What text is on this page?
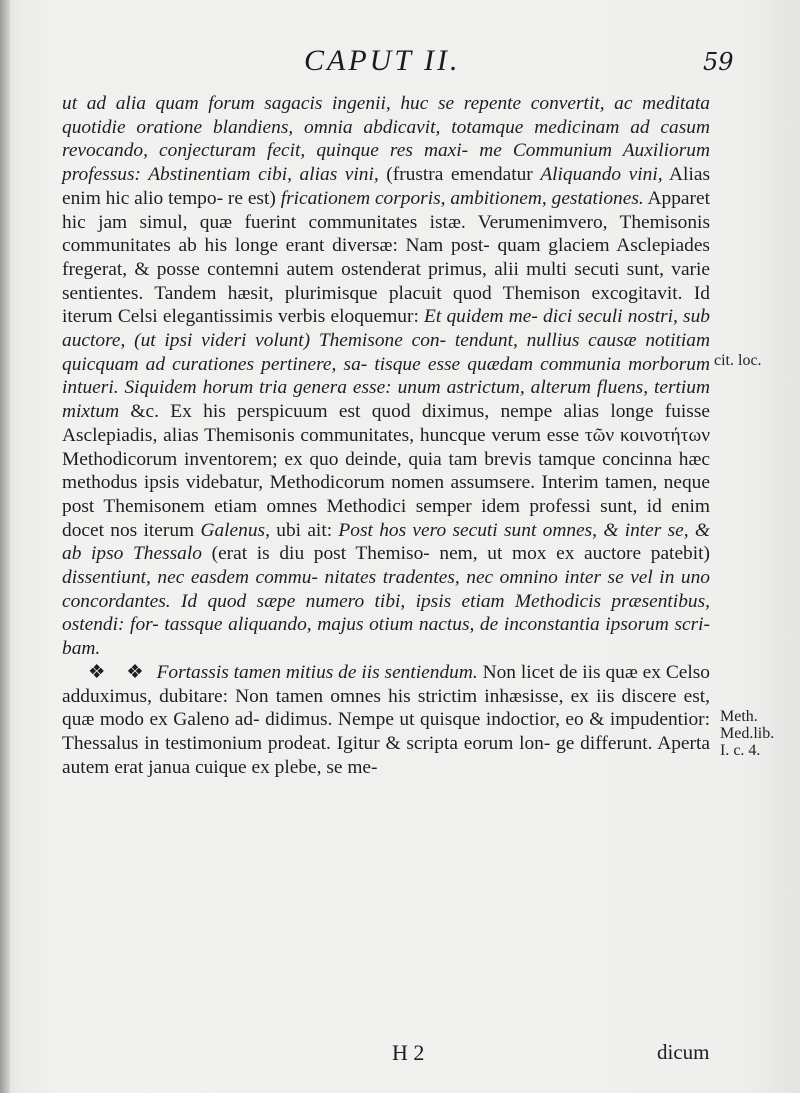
CAPUT II.	59

ut ad alia quam forum sagacis ingenii, huc se repente convertit, ac meditata quotidie oratione blandiens, omnia abdicavit, totamque medicinam ad casum revocando, conjecturam fecit, quinque res maxi- me Communium Auxiliorum professus: Abstinentiam cibi, alias vini, (frustra emendatur Aliquando vini, Alias enim hic alio tempo- re est) fricationem corporis, ambitionem, gestationes. Apparet hic jam simul, quæ fuerint communitates istæ. Verumenimvero, Themisonis communitates ab his longe erant diversæ: Nam post- quam glaciem Asclepiades fregerat, & posse contemni autem ostenderat primus, alii multi secuti sunt, varie sentientes. Tandem hæsit, plurimisque placuit quod Themison excogitavit. Id iterum Celsi elegantissimis verbis eloquemur: Et quidem me- dici seculi nostri, sub auctore, (ut ipsi videri volunt) Themisone con- tendunt, nullius causæ notitiam quicquam ad curationes pertinere, sa- tisque esse quædam communia morborum intueri. Siquidem horum tria genera esse: unum astrictum, alterum fluens, tertium mixtum &c. Ex his perspicuum est quod diximus, nempe alias longe fuisse Asclepiadis, alias Themisonis communitates, huncque verum esse τῶν κοινοτήτων Methodicorum inventorem; ex quo deinde, quia tam brevis tamque concinna hæc methodus ipsis videbatur, Methodicorum nomen assumsere. Interim tamen, neque post Themisonem etiam omnes Methodici semper idem professi sunt, id enim docet nos iterum Galenus, ubi ait: Post hos vero secuti sunt omnes, & inter se, & ab ipso Thessalo (erat is diu post Themiso- nem, ut mox ex auctore patebit) dissentiunt, nec easdem commu- nitates tradentes, nec omnino inter se vel in uno concordantes. Id quod sæpe numero tibi, ipsis etiam Methodicis præsentibus, ostendi: for- tassque aliquando, majus otium nactus, de inconstantia ipsorum scri- bam.

❖ ❖ Fortassis tamen mitius de iis sentiendum. Non licet de iis quæ ex Celso adduximus, dubitare: Non tamen omnes his strictim inhæsisse, ex iis discere est, quæ modo ex Galeno ad- didimus. Nempe ut quisque indoctior, eo & impudentior: Thessalus in testimonium prodeat. Igitur & scripta eorum lon- ge differunt. Aperta autem erat janua cuique ex plebe, se me-

cit. loc.
Meth.
Med.lib.
I. c. 4.
H 2	dicum
